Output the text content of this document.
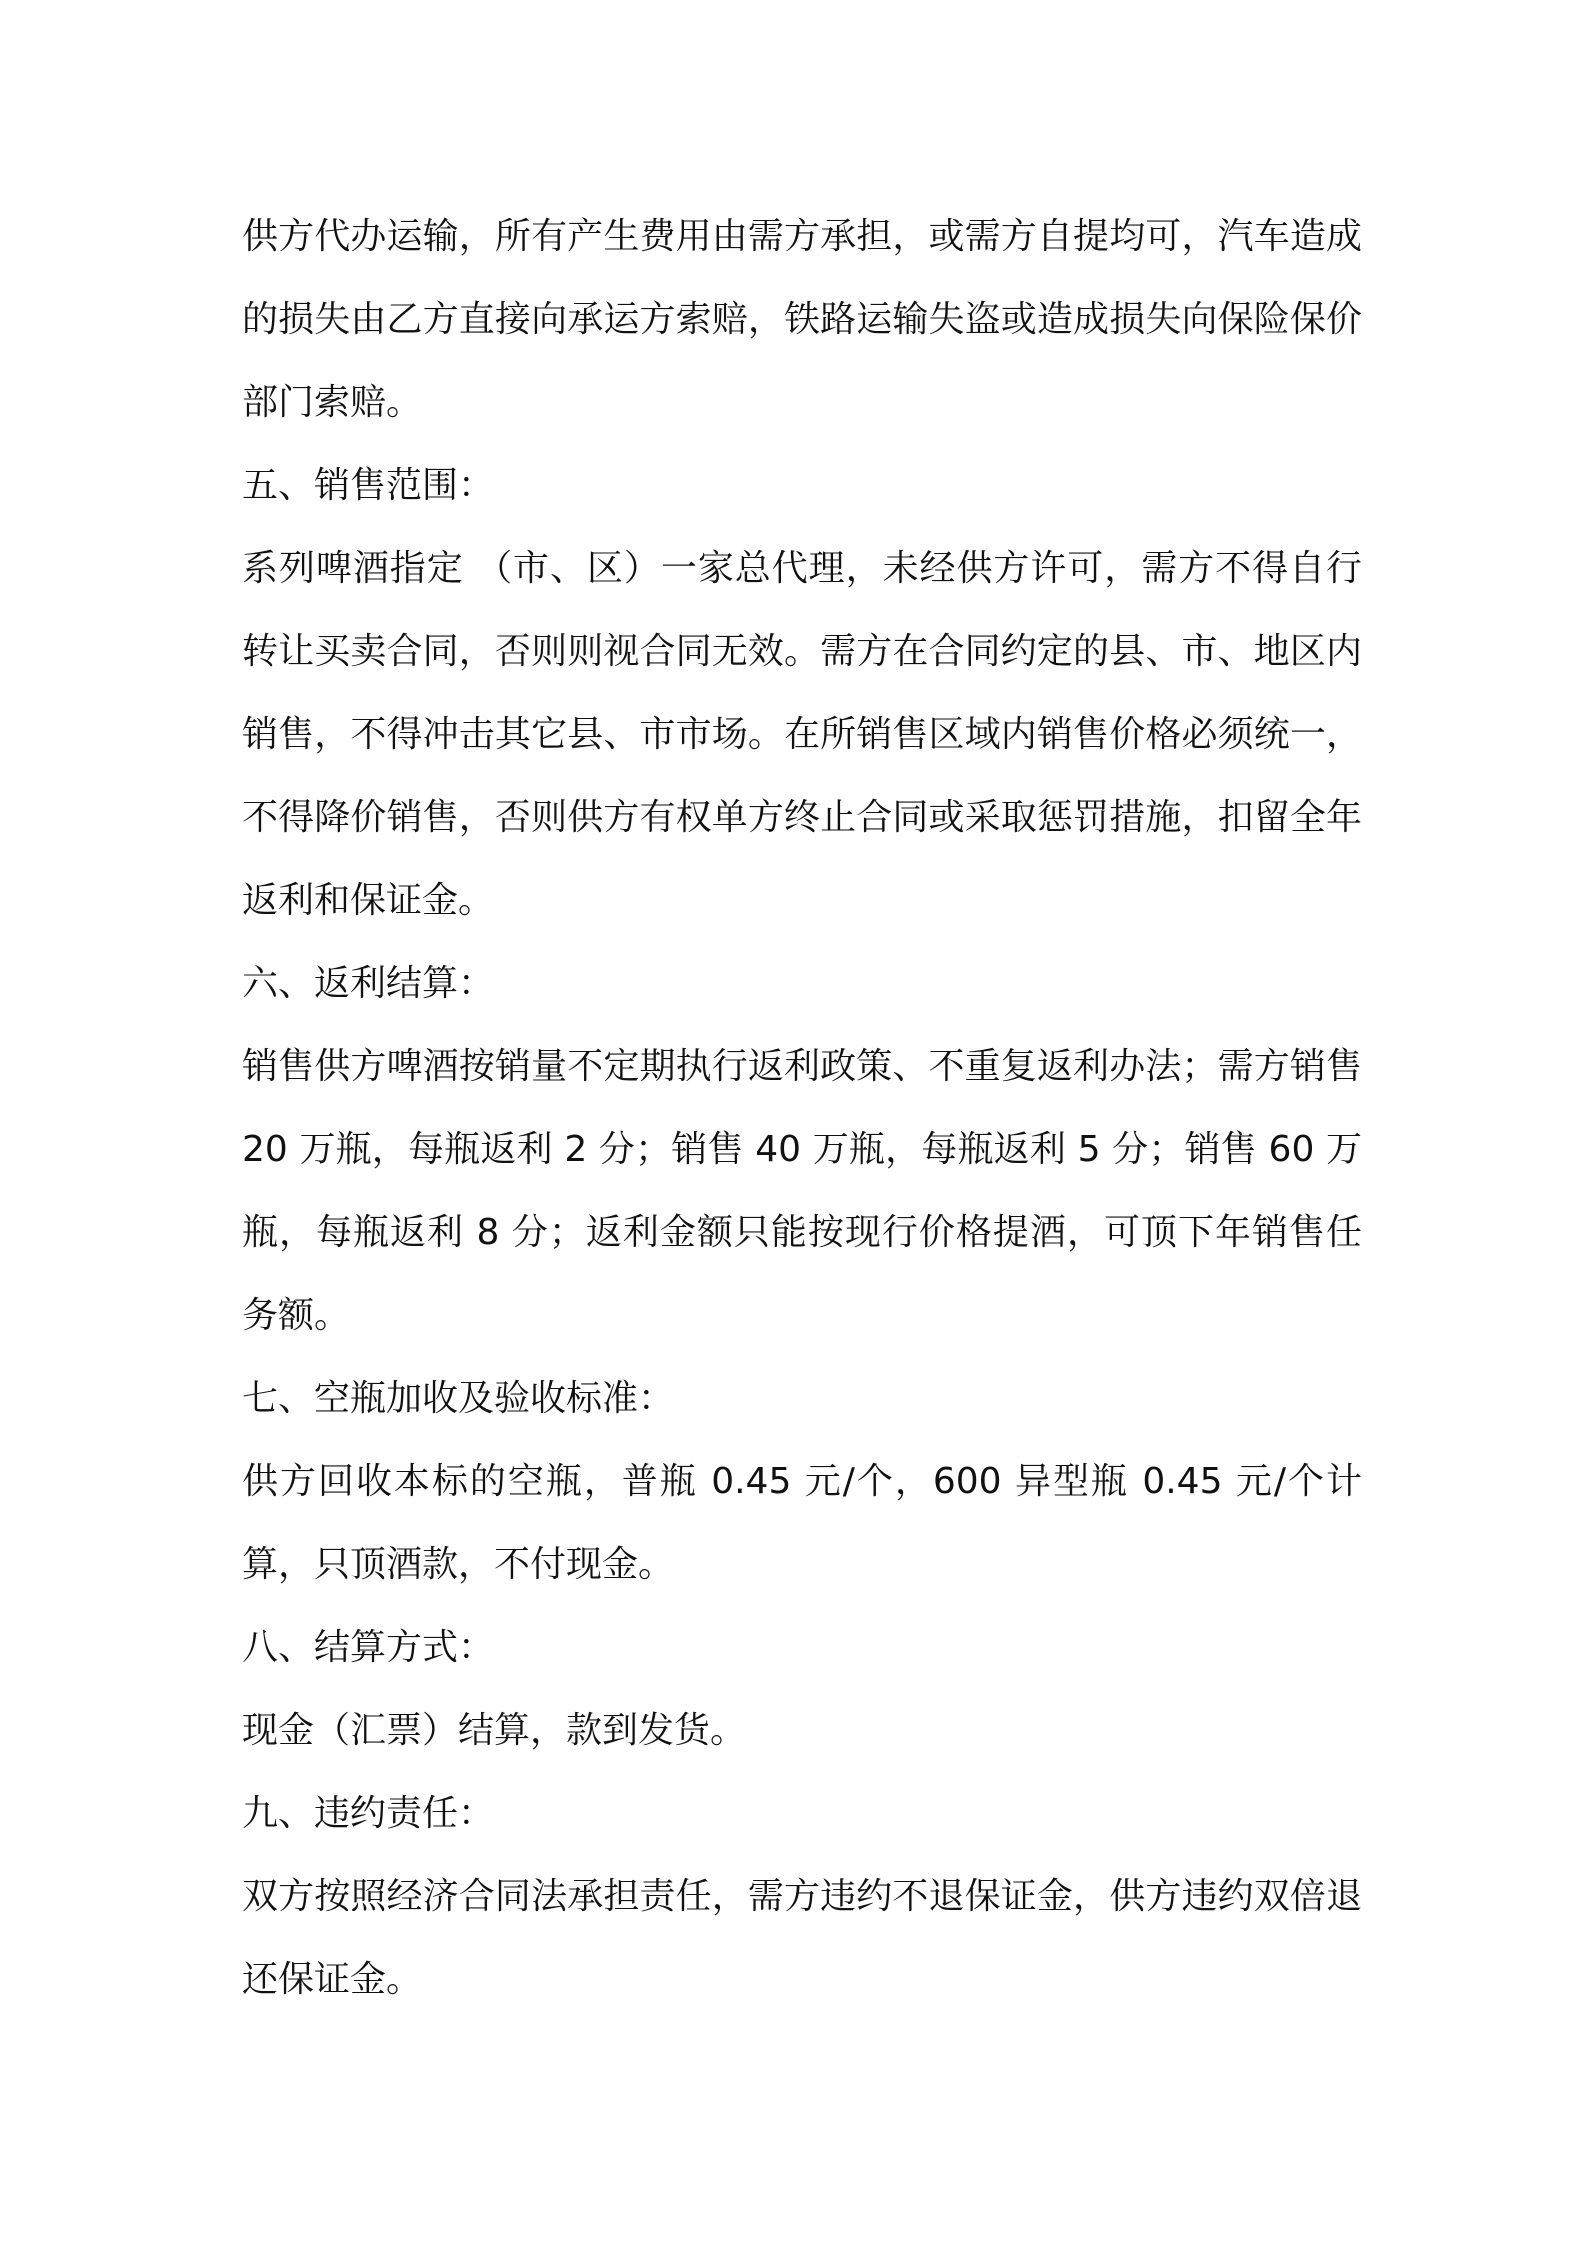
供方代办运输，所有产生费用由需方承担，或需方自提均可，汽车造成的损失由乙方直接向承运方索赔，铁路运输失盗或造成损失向保险保价部门索赔。

五、销售范围：

系列啤酒指定 （市、区）一家总代理，未经供方许可，需方不得自行转让买卖合同，否则则视合同无效。需方在合同约定的县、市、地区内销售，不得冲击其它县、市市场。在所销售区域内销售价格必须统一，不得降价销售，否则供方有权单方终止合同或采取惩罚措施，扣留全年返利和保证金。

六、返利结算：

销售供方啤酒按销量不定期执行返利政策、不重复返利办法；需方销售 20 万瓶，每瓶返利 2 分；销售 40 万瓶，每瓶返利 5 分；销售 60 万瓶，每瓶返利 8 分；返利金额只能按现行价格提酒，可顶下年销售任务额。

七、空瓶加收及验收标准：

供方回收本标的空瓶，普瓶 0.45 元/个，600 异型瓶 0.45 元/个计算，只顶酒款，不付现金。

八、结算方式：

现金（汇票）结算，款到发货。

九、违约责任：

双方按照经济合同法承担责任，需方违约不退保证金，供方违约双倍退还保证金。
